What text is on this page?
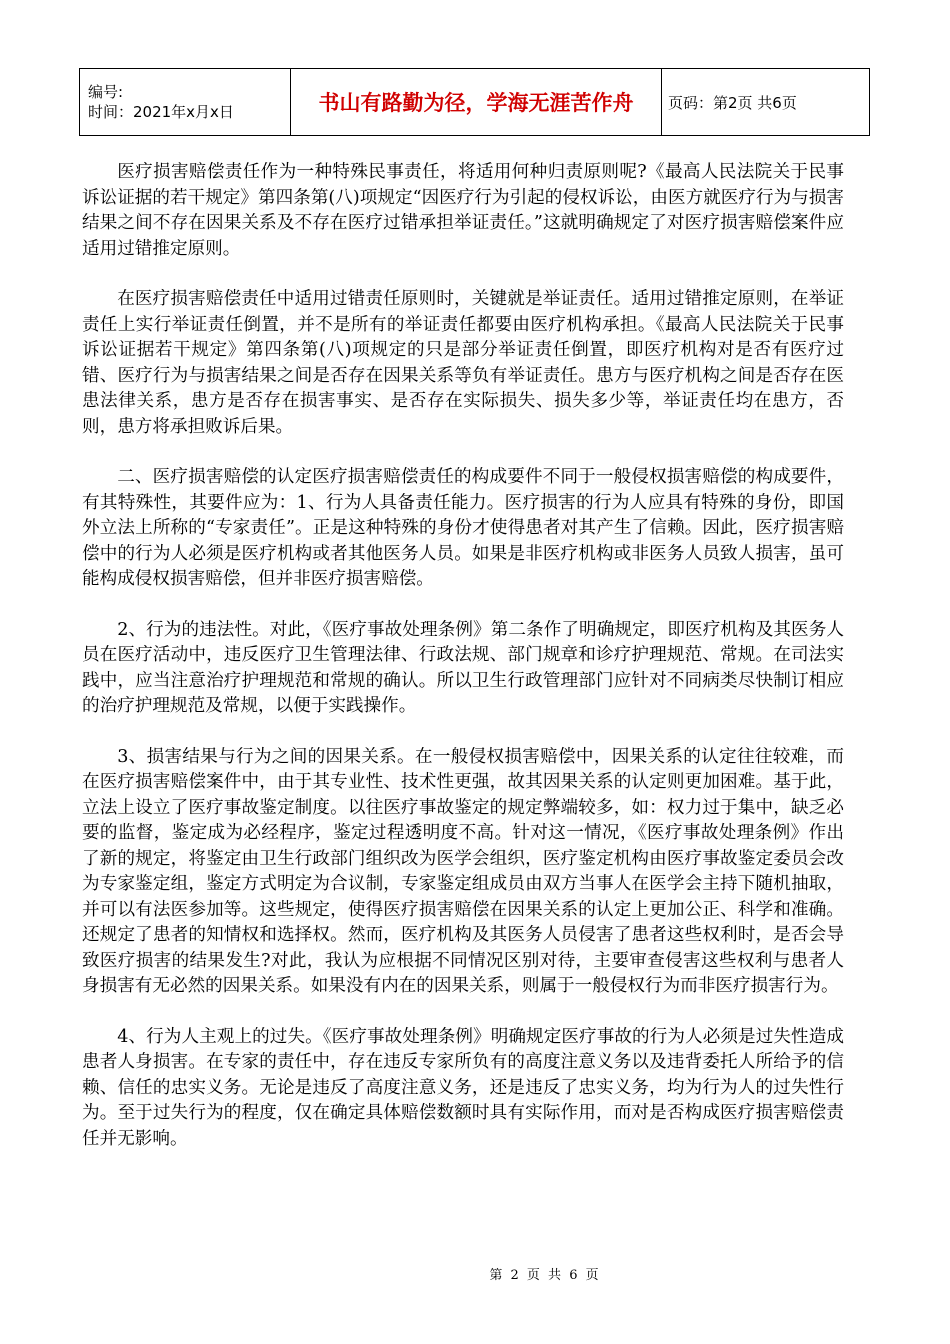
编号:
时间：2021年x月x日	书山有路勤为径，学海无涯苦作舟	页码：第2页 共6页

医疗损害赔偿责任作为一种特殊民事责任，将适用何种归责原则呢?《最高人民法院关于民事诉讼证据的若干规定》第四条第(八)项规定“因医疗行为引起的侵权诉讼，由医方就医疗行为与损害结果之间不存在因果关系及不存在医疗过错承担举证责任。”这就明确规定了对医疗损害赔偿案件应适用过错推定原则。

在医疗损害赔偿责任中适用过错责任原则时，关键就是举证责任。适用过错推定原则，在举证责任上实行举证责任倒置，并不是所有的举证责任都要由医疗机构承担。《最高人民法院关于民事诉讼证据若干规定》第四条第(八)项规定的只是部分举证责任倒置，即医疗机构对是否有医疗过错、医疗行为与损害结果之间是否存在因果关系等负有举证责任。患方与医疗机构之间是否存在医患法律关系，患方是否存在损害事实、是否存在实际损失、损失多少等，举证责任均在患方，否则，患方将承担败诉后果。

二、医疗损害赔偿的认定医疗损害赔偿责任的构成要件不同于一般侵权损害赔偿的构成要件，有其特殊性，其要件应为：1、行为人具备责任能力。医疗损害的行为人应具有特殊的身份，即国外立法上所称的“专家责任”。正是这种特殊的身份才使得患者对其产生了信赖。因此，医疗损害赔偿中的行为人必须是医疗机构或者其他医务人员。如果是非医疗机构或非医务人员致人损害，虽可能构成侵权损害赔偿，但并非医疗损害赔偿。

2、行为的违法性。对此，《医疗事故处理条例》第二条作了明确规定，即医疗机构及其医务人员在医疗活动中，违反医疗卫生管理法律、行政法规、部门规章和诊疗护理规范、常规。在司法实践中，应当注意治疗护理规范和常规的确认。所以卫生行政管理部门应针对不同病类尽快制订相应的治疗护理规范及常规，以便于实践操作。

3、损害结果与行为之间的因果关系。在一般侵权损害赔偿中，因果关系的认定往往较难，而在医疗损害赔偿案件中，由于其专业性、技术性更强，故其因果关系的认定则更加困难。基于此，立法上设立了医疗事故鉴定制度。以往医疗事故鉴定的规定弊端较多，如：权力过于集中，缺乏必要的监督，鉴定成为必经程序，鉴定过程透明度不高。针对这一情况，《医疗事故处理条例》作出了新的规定，将鉴定由卫生行政部门组织改为医学会组织，医疗鉴定机构由医疗事故鉴定委员会改为专家鉴定组，鉴定方式明定为合议制，专家鉴定组成员由双方当事人在医学会主持下随机抽取，并可以有法医参加等。这些规定，使得医疗损害赔偿在因果关系的认定上更加公正、科学和准确。还规定了患者的知情权和选择权。然而，医疗机构及其医务人员侵害了患者这些权利时，是否会导致医疗损害的结果发生?对此，我认为应根据不同情况区别对待，主要审查侵害这些权利与患者人身损害有无必然的因果关系。如果没有内在的因果关系，则属于一般侵权行为而非医疗损害行为。

4、行为人主观上的过失。《医疗事故处理条例》明确规定医疗事故的行为人必须是过失性造成患者人身损害。在专家的责任中，存在违反专家所负有的高度注意义务以及违背委托人所给予的信赖、信任的忠实义务。无论是违反了高度注意义务，还是违反了忠实义务，均为行为人的过失性行为。至于过失行为的程度，仅在确定具体赔偿数额时具有实际作用，而对是否构成医疗损害赔偿责任并无影响。

第 2 页 共 6 页
